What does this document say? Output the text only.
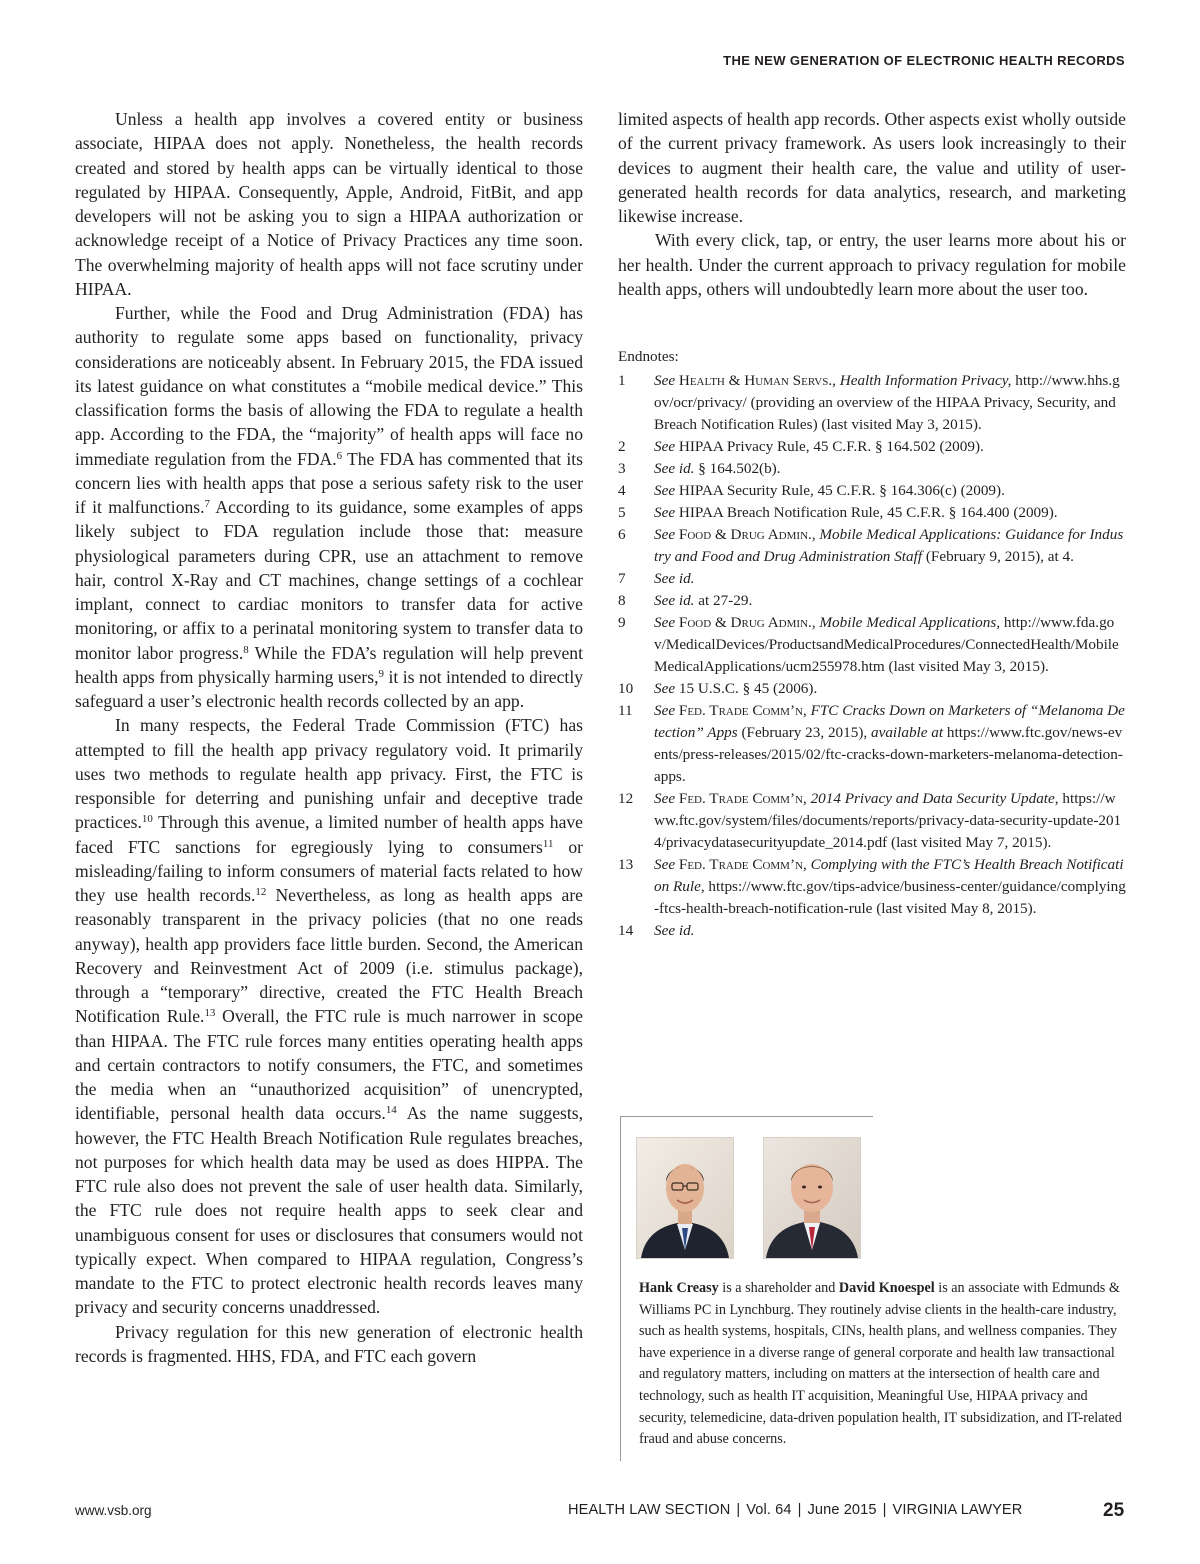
THE NEW GENERATION OF ELECTRONIC HEALTH RECORDS

Unless a health app involves a covered entity or business associate, HIPAA does not apply. Nonetheless, the health records created and stored by health apps can be virtually identical to those regulated by HIPAA. Consequently, Apple, Android, FitBit, and app developers will not be asking you to sign a HIPAA authorization or acknowledge receipt of a Notice of Privacy Practices any time soon. The overwhelming majority of health apps will not face scrutiny under HIPAA.

Further, while the Food and Drug Administration (FDA) has authority to regulate some apps based on functionality, privacy considerations are noticeably absent. In February 2015, the FDA issued its latest guidance on what constitutes a “mobile medical device.” This classification forms the basis of allowing the FDA to regulate a health app. According to the FDA, the “majority” of health apps will face no immediate regulation from the FDA.$^6$ The FDA has commented that its concern lies with health apps that pose a serious safety risk to the user if it malfunctions.$^7$ According to its guidance, some examples of apps likely subject to FDA regulation include those that: measure physiological parameters during CPR, use an attachment to remove hair, control X-Ray and CT machines, change settings of a cochlear implant, connect to cardiac monitors to transfer data for active monitoring, or affix to a perinatal monitoring system to transfer data to monitor labor progress.$^8$ While the FDA’s regulation will help prevent health apps from physically harming users,$^9$ it is not intended to directly safeguard a user’s electronic health records collected by an app.

In many respects, the Federal Trade Commission (FTC) has attempted to fill the health app privacy regulatory void. It primarily uses two methods to regulate health app privacy. First, the FTC is responsible for deterring and punishing unfair and deceptive trade practices.$^{10}$ Through this avenue, a limited number of health apps have faced FTC sanctions for egregiously lying to consumers$^{11}$ or misleading/failing to inform consumers of material facts related to how they use health records.$^{12}$ Nevertheless, as long as health apps are reasonably transparent in the privacy policies (that no one reads anyway), health app providers face little burden. Second, the American Recovery and Reinvestment Act of 2009 (i.e. stimulus package), through a “temporary” directive, created the FTC Health Breach Notification Rule.$^{13}$ Overall, the FTC rule is much narrower in scope than HIPAA. The FTC rule forces many entities operating health apps and certain contractors to notify consumers, the FTC, and sometimes the media when an “unauthorized acquisition” of unencrypted, identifiable, personal health data occurs.$^{14}$ As the name suggests, however, the FTC Health Breach Notification Rule regulates breaches, not purposes for which health data may be used as does HIPPA. The FTC rule also does not prevent the sale of user health data. Similarly, the FTC rule does not require health apps to seek clear and unambiguous consent for uses or disclosures that consumers would not typically expect. When compared to HIPAA regulation, Congress’s mandate to the FTC to protect electronic health records leaves many privacy and security concerns unaddressed.

Privacy regulation for this new generation of electronic health records is fragmented. HHS, FDA, and FTC each govern

limited aspects of health app records. Other aspects exist wholly outside of the current privacy framework. As users look increasingly to their devices to augment their health care, the value and utility of user-generated health records for data analytics, research, and marketing likewise increase.

With every click, tap, or entry, the user learns more about his or her health. Under the current approach to privacy regulation for mobile health apps, others will undoubtedly learn more about the user too.

Endnotes:
1	See Health & Human Servs., Health Information Privacy, http://www.hhs.gov/ocr/privacy/ (providing an overview of the HIPAA Privacy, Security, and Breach Notification Rules) (last visited May 3, 2015).
2	See HIPAA Privacy Rule, 45 C.F.R. § 164.502 (2009).
3	See id. § 164.502(b).
4	See HIPAA Security Rule, 45 C.F.R. § 164.306(c) (2009).
5	See HIPAA Breach Notification Rule, 45 C.F.R. § 164.400 (2009).
6	See Food & Drug Admin., Mobile Medical Applications: Guidance for Industry and Food and Drug Administration Staff (February 9, 2015), at 4.
7	See id.
8	See id. at 27-29.
9	See Food & Drug Admin., Mobile Medical Applications, http://www.fda.gov/MedicalDevices/ProductsandMedicalProcedures/ConnectedHealth/MobileMedicalApplications/ucm255978.htm (last visited May 3, 2015).
10	See 15 U.S.C. § 45 (2006).
11	See Fed. Trade Comm’n, FTC Cracks Down on Marketers of “Melanoma Detection” Apps (February 23, 2015), available at https://www.ftc.gov/news-events/press-releases/2015/02/ftc-cracks-down-marketers-melanoma-detection-apps.
12	See Fed. Trade Comm’n, 2014 Privacy and Data Security Update, https://www.ftc.gov/system/files/documents/reports/privacy-data-security-update-2014/privacydatasecurityupdate_2014.pdf (last visited May 7, 2015).
13	See Fed. Trade Comm’n, Complying with the FTC’s Health Breach Notification Rule, https://www.ftc.gov/tips-advice/business-center/guidance/complying-ftcs-health-breach-notification-rule (last visited May 8, 2015).
14	See id.
Hank Creasy is a shareholder and David Knoespel is an associate with Edmunds & Williams PC in Lynchburg. They routinely advise clients in the health-care industry, such as health systems, hospitals, CINs, health plans, and wellness companies. They have experience in a diverse range of general corporate and health law transactional and regulatory matters, including on matters at the intersection of health care and technology, such as health IT acquisition, Meaningful Use, HIPAA privacy and security, telemedicine, data-driven population health, IT subsidization, and IT-related fraud and abuse concerns.
www.vsb.org	HEALTH LAW SECTION | Vol. 64 | June 2015 | VIRGINIA LAWYER	25
